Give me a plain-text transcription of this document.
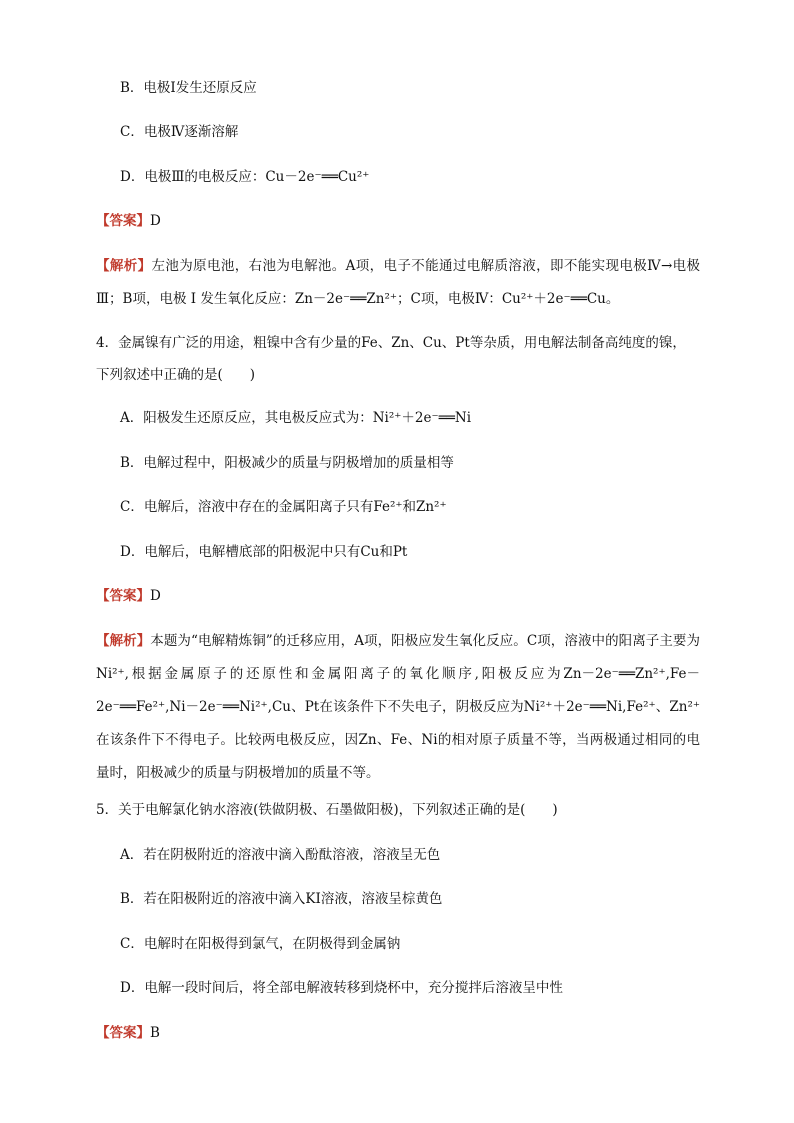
B．电极Ⅰ发生还原反应
C．电极Ⅳ逐渐溶解
D．电极Ⅲ的电极反应：Cu－2e⁻══Cu²⁺
【答案】D
【解析】左池为原电池，右池为电解池。A项，电子不能通过电解质溶液，即不能实现电极Ⅳ→电极Ⅲ；B项，电极 Ⅰ 发生氧化反应：Zn－2e⁻══Zn²⁺；C项，电极Ⅳ：Cu²⁺＋2e⁻══Cu。
4．金属镍有广泛的用途，粗镍中含有少量的Fe、Zn、Cu、Pt等杂质，用电解法制备高纯度的镍，
下列叙述中正确的是(　　)
A．阳极发生还原反应，其电极反应式为：Ni²⁺＋2e⁻══Ni
B．电解过程中，阳极减少的质量与阴极增加的质量相等
C．电解后，溶液中存在的金属阳离子只有Fe²⁺和Zn²⁺
D．电解后，电解槽底部的阳极泥中只有Cu和Pt
【答案】D
【解析】本题为“电解精炼铜”的迁移应用，A项，阳极应发生氧化反应。C项，溶液中的阳离子主要为Ni²⁺,根据金属原子的还原性和金属阳离子的氧化顺序,阳极反应为Zn－2e⁻══Zn²⁺,Fe－2e⁻══Fe²⁺,Ni－2e⁻══Ni²⁺,Cu、Pt在该条件下不失电子，阴极反应为Ni²⁺＋2e⁻══Ni,Fe²⁺、Zn²⁺在该条件下不得电子。比较两电极反应，因Zn、Fe、Ni的相对原子质量不等，当两极通过相同的电量时，阳极减少的质量与阴极增加的质量不等。
5．关于电解氯化钠水溶液(铁做阴极、石墨做阳极)，下列叙述正确的是(　　)
A．若在阴极附近的溶液中滴入酚酞溶液，溶液呈无色
B．若在阳极附近的溶液中滴入KI溶液，溶液呈棕黄色
C．电解时在阳极得到氯气，在阴极得到金属钠
D．电解一段时间后，将全部电解液转移到烧杯中，充分搅拌后溶液呈中性
【答案】B
